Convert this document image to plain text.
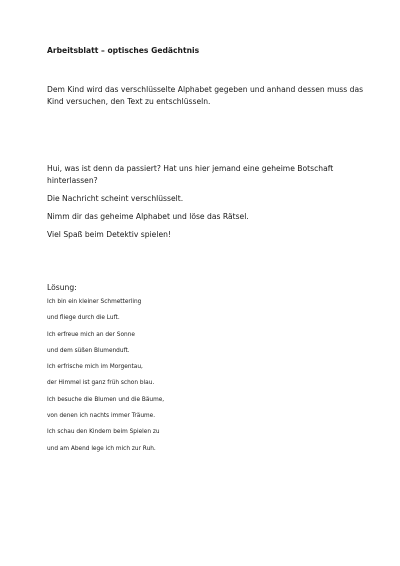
Arbeitsblatt – optisches Gedächtnis

Dem Kind wird das verschlüsselte Alphabet gegeben und anhand dessen muss das Kind versuchen, den Text zu entschlüsseln.

Hui, was ist denn da passiert? Hat uns hier jemand eine geheime Botschaft hinterlassen?

Die Nachricht scheint verschlüsselt.

Nimm dir das geheime Alphabet und löse das Rätsel.

Viel Spaß beim Detektiv spielen!

Lösung:
Ich bin ein kleiner Schmetterling
und fliege durch die Luft.
Ich erfreue mich an der Sonne
und dem süßen Blumenduft.
Ich erfrische mich im Morgentau,
der Himmel ist ganz früh schon blau.
Ich besuche die Blumen und die Bäume,
von denen ich nachts immer Träume.
Ich schau den Kindern beim Spielen zu
und am Abend lege ich mich zur Ruh.
